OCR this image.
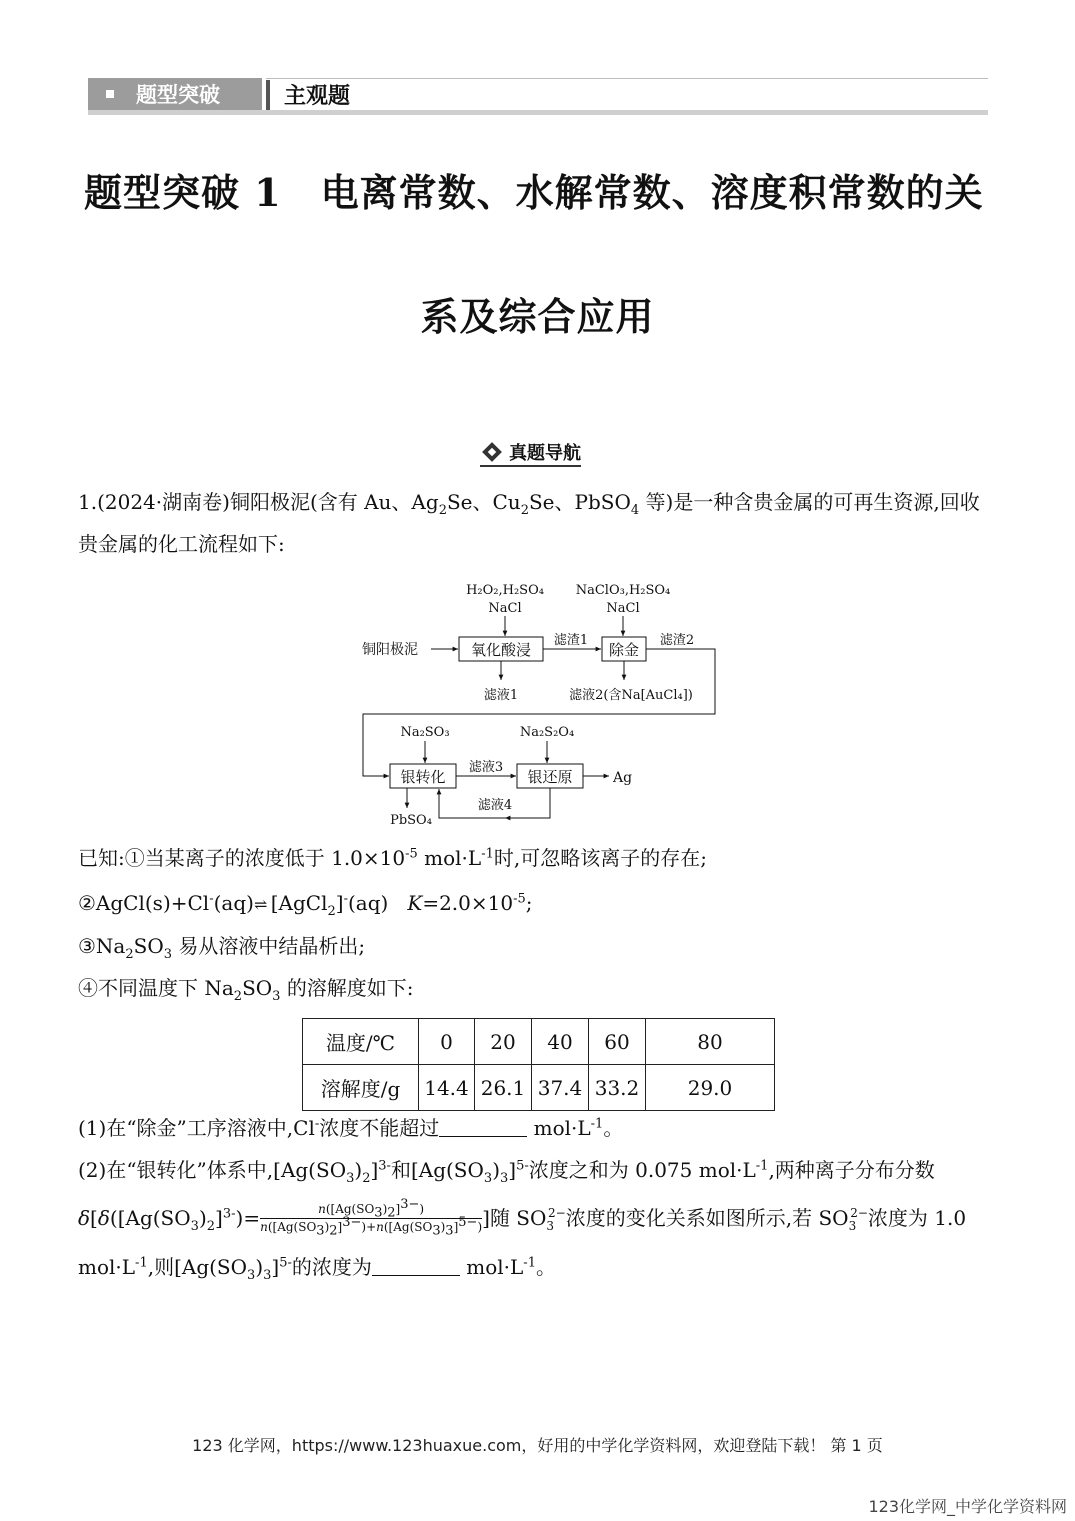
题型突破	主观题
题型突破 1　电离常数、水解常数、溶度积常数的关
系及综合应用
真题导航
1.(2024·湖南卷)铜阳极泥(含有 Au、$Ag_2Se$、$Cu_2Se$、PbSO$_4$ 等)是一种含贵金属的可再生资源,回收
贵金属的化工流程如下:
H₂O₂,H₂SO₄
NaCl
NaClO₃,H₂SO₄
NaCl
铜阳极泥	氧化酸浸
滤渣1
除金
滤渣2
滤液1	滤液2(含Na[AuCl₄])
Na₂SO₃	Na₂S₂O₄
银转化
滤液3
银还原	Ag
PbSO₄
滤液4
已知:①当某离子的浓度低于 $1.0\times 10^{-5}$ $mol\cdot L^{-1}$时,可忽略该离子的存在;
②AgCl(s)+Cl-(aq)⇌ [AgCl$_2$]-(aq)   $K=2.0\times 10^{-5}$;
$③Na_2SO_3$ 易从溶液中结晶析出;
④不同温度下 $Na_2SO_3$ 的溶解度如下:
温度/℃	0	20	40	60	80
溶解度/g	14.4	26.1	37.4	33.2	29.0
(1)在“除金”工序溶液中,Cl-浓度不能超过	$mol\cdot L^{-1}$。
(2)在“银转化”体系中$,[Ag(SO_3)_2]^{3-}$和$[Ag(SO_3)_3]^{5-}$浓度之和为 0.075 $mol\cdot L^{-1}$,两种离子分布分数
$\delta[\delta([Ag(SO_3)_2]^{3-})= \frac{n([Ag(SO_3)_2]^{3-})}{n([Ag(SO_3)_2]^{3-})+n([Ag(SO_3)_3]^{5-})}$ ]随 $SO_3^{2-}$浓度的变化关系如图所示,若 $SO_3^{2-}$浓度为 1.0
$mol\cdot L^{-1}$,则$[Ag(SO_3)_3]^{5-}$的浓度为	$mol\cdot L^{-1}$。
123 化学网，https://www.123huaxue.com，好用的中学化学资料网，欢迎登陆下载！ 第 1 页
123化学网_中学化学资料网
